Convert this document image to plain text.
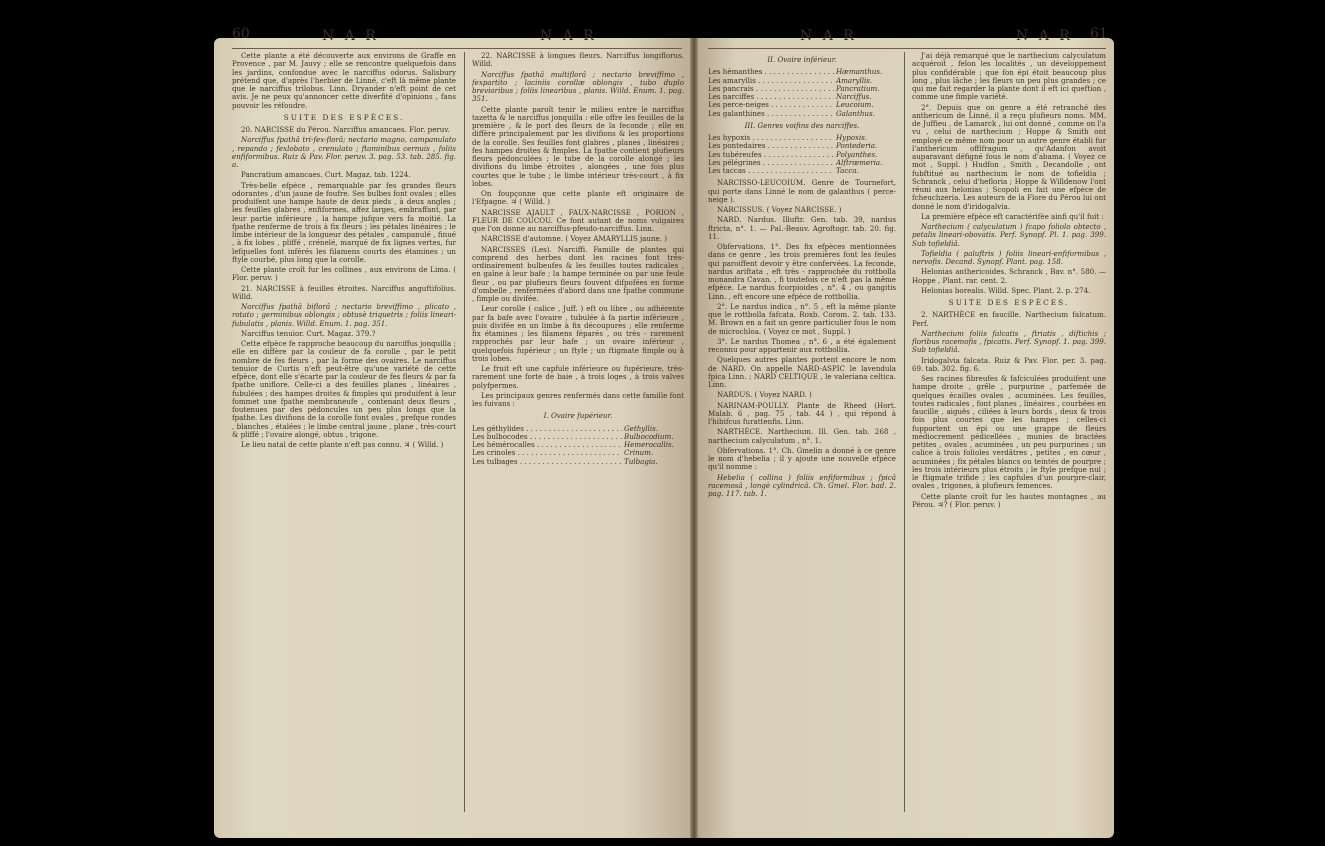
60	N A R	N A R	N A R	N A R 61

Cette plante a été découverte aux environs de Graffe en Provence , par M. Jauvy ; elle se rencontre quelquefois dans les jardins, confondue avec le narciffus odorus. Salisbury prétend que, d'après l'herbier de Linné, c'eft là même plante que le narciffus trilobus. Linn. Dryander n'eft point de cet avis. Je ne peux qu'annoncer cette diverfité d'opinions , fans pouvoir les réfoudre.

SUITE DES ESPÈCES.

20. NARCISSE du Pérou. Narciffus amancaes. Flor. peruv.

Narciffus fpathâ tri-fex-florâ; nectario magno, campanulato , repando ; fexlobato , crenulato ; ftaminibus cernuis , foliis enfiformibus. Ruiz & Pav. Flor. peruv. 3. pag. 53. tab. 285. fig. a.

Pancratium amancaes. Curt. Magaz. tab. 1224.

Très-belle efpèce , remarquable par fes grandes fleurs odorantes , d'un jaune de foufre. Ses bulbes font ovales ; elles produifent une hampe haute de deux pieds , à deux angles ; les feuilles glabres , enfiformes, affez larges, embraffant, par leur partie inférieure , la hampe jufque vers fa moitié. La fpathe renferme de trois à fix fleurs ; les pétales linéaires ; le limbe intérieur de la longueur des pétales , campanulé , finué , à fix lobes , pliffé , crénelé, marqué de fix lignes vertes, fur lefquelles font inférés les filamens courts des étamines ; un ftyle courbé, plus long que la corolle.

Cette plante croît fur les collines , aux environs de Lima. ( Flor. peruv. )

21. NARCISSE à feuilles étroites. Narciffus anguftifolius. Willd.

Narciffus fpathâ biflorâ ; nectario breviffimo , plicato , rotato ; germinibus oblongis ; obtusè triquetris ; foliis lineari-fubulatis , planis. Willd. Enum. 1. pag. 351.

Narciffus tenuior. Curt. Magaz. 379.?

Cette efpèce fe rapproche beaucoup du narciffus jonquilla ; elle en diffère par la couleur de fa corolle , par le petit nombre de fes fleurs , par la forme des ovaires. Le narciffus tenuior de Curtis n'eft peut-être qu'une variété de cette efpèce, dont elle s'écarte par la couleur de fes fleurs & par fa fpathe uniflore. Celle-ci a des feuilles planes , linéaires , fubulées ; des hampes droites & fimples qui produifent à leur fommet une fpathe membraneufe , contenant deux fleurs , foutenues par des pédoncules un peu plus longs que la fpathe. Les divifions de la corolle font ovales , prefque rondes , blanches , étalées ; le limbe central jaune , plane , très-court & pliffé ; l'ovaire alongé, obtus , trigone.

Le lieu natal de cette plante n'eft pas connu. ♃ ( Willd. )

22. NARCISSE à longues fleurs. Narciffus longiflorus. Willd.

Narciffus fpathâ multiflorâ ; nectario breviffimo , fexpartito ; laciniis corollæ oblongis , tubo duplo brevioribus ; foliis linearibus , planis. Willd. Enum. 1. pag. 351.

Cette plante paroît tenir le milieu entre le narciffus tazetta & le narciffus jonquilla : elle offre les feuilles de la première , & le port des fleurs de la feconde ; elle en diffère principalement par les divifions & les proportions de la corolle. Ses feuilles font glabres , planes , linéaires ; fes hampes droites & fimples. La fpathe contient plufieurs fleurs pédonculées ; le tube de la corolle alongé ; les divifions du limbe étroites , alongées , une fois plus courtes que le tube ; le limbe intérieur très-court , à fix lobes.

On foupçonne que cette plante eft originaire de l'Efpagne. ♃ ( Willd. )

NARCISSE AJAULT , FAUX-NARCISSE , PORION , FLEUR DE COUCOU. Ce font autant de noms vulgaires que l'on donne au narciffus-pfeudo-narciffus. Linn.

NARCISSE d'automne. ( Voyez AMARYLLIS jaune. )

NARCISSES (Les). Narciffi. Famille de plantes qui comprend des herbes dont les racines font très-ordinairement bulbeufes & les feuilles toutes radicales , en gaîne à leur bafe ; la hampe terminée ou par une feule fleur , ou par plufieurs fleurs fouvent difpofées en forme d'ombelle , renfermées d'abord dans une fpathe commune , fimple ou divifée.

Leur corolle ( calice , Juff. ) eft ou libre , ou adhérente par fa bafe avec l'ovaire , tubulée à fa partie inférieure , puis divifée en un limbe à fix découpures ; elle renferme fix étamines ; les filamens féparés , ou très - rarement rapprochés par leur bafe ; un ovaire inférieur , quelquefois fupérieur ; un ftyle ; un ftigmate fimple ou à trois lobes.

Le fruit eft une capfule inférieure ou fupérieure, très-rarement une forte de baie , à trois loges , à trois valves polyfpermes.

Les principaux genres renfermés dans cette famille font les fuivans :

I. Ovaire fupérieur.

Les géthylides . . .	Gethyllis.
Les bulbocodes . . .	Bulbocodium.
Les hémérocalles . . .	Hemerocallis.
Les crinoles . . .	Crinum.
Les tulbages . . .	Tulbagia.

II. Ovaire inférieur.

Les hémanthes . . .	Hæmanthus.
Les amaryllis . . .	Amaryllis.
Les pancrais . . .	Pancratium.
Les narciffes . . .	Narciffus.
Les perce-neiges . . .	Leucoium.
Les galanthines . . .	Galanthus.

III. Genres voifins des narciffes.

Les hypoxis . . .	Hypoxis.
Les pontedaires . . .	Pontederia.
Les tubéreufes . . .	Polyanthes.
Les pélégrines . . .	Alftrœmeria.
Les taccas . . .	Tacca.

NARCISSO-LEUCOIUM. Genre de Tournefort, qui porte dans Linné le nom de galanthus ( perce-neige ).

NARCISSUS. ( Voyez NARCISSE. )

NARD. Nardus. Illuftr. Gen. tab. 39, nardus ftricta, n°. 1. — Pal.-Beauv. Agroftogr. tab. 20. fig. 11.

Obfervations. 1°. Des fix efpèces mentionnées dans ce genre , les trois premières font les feules qui paroiffent devoir y être confervées. La feconde, nardus ariftata , eft très - rapprochée du rottbolla monandra Cavan. , fi toutefois ce n'eft pas la même efpèce. Le nardus fcorpioides , n°. 4 , ou gangitis Linn. , eft encore une efpèce de rottbollia.

2°. Le nardus indica , n°. 5 , eft la même plante que le rottbolla fafcata. Roxb. Corom. 2. tab. 133. M. Brown en a fait un genre particulier fous le nom de microchloa. ( Voyez ce mot , Suppl. )

3°. Le nardus Thomea , n°. 6 , a été également reconnu pour appartenir aux rottbollia.

Quelques autres plantes portent encore le nom de NARD. On appelle NARD-ASPIC le lavendula fpica Linn. ; NARD CELTIQUE , le valeriana celtica. Linn.

NARDUS. ( Voyez NARD. )

NARINAM-POULLY. Plante de Rheed (Hort. Malab. 6 , pag. 75 , tab. 44 ) , qui répond à l'hibifcus furattenfis. Linn.

NARTHÈCE. Narthecium. Ill. Gen. tab. 268 , narthecium calyculatum , n°. 1.

Obfervations. 1°. Ch. Gmelin a donné à ce genre le nom d'hebelia ; il y ajoute une nouvelle efpèce qu'il nomme :

Hebelia ( collina ) foliis enfiformibus ; fpicâ racemosâ , longè cylindricâ. Ch. Gmel. Flor. bad. 2. pag. 117. tab. 1.

J'ai déjà remarqué que le narthecium calyculatum acquéroit , felon les localités , un développement plus confidérable ; que fon épi étoit beaucoup plus long , plus lâche ; les fleurs un peu plus grandes ; ce qui me fait regarder la plante dont il eft ici queftion , comme une fimple variété.

2°. Depuis que on genre a été retranché des anthericum de Linné, il a reçu plufieurs noms. MM. de Juffieu , de Lamarck , lui ont donné , comme on l'a vu , celui de narthecium ; Hoppe & Smith ont employé ce même nom pour un autre genre établi fur l'anthericum offifragum , qu'Adanfon avoit auparavant défigné fous le nom d'abama. ( Voyez ce mot , Suppl. ) Hudfon , Smith , Decandolle , ont fubftitué au narthecium le nom de tofieldia ; Schranck , celui d'hefloria ; Hoppe & Willdenow l'ont réuni aux helonias ; Scopoli en fait une efpèce de fcheuchzeria. Les auteurs de la Flore du Pérou lui ont donné le nom d'iridogalvia.

La première efpèce eft caractérifée ainfi qu'il fuit :

Narthecium ( calyculatum ) fcapo foliolo obtecto , petalis lineari-obovatis. Perf. Synopf. Pl. 1. pag. 399. Sub tofieldiâ.

Tofieldia ( paluftris ) foliis lineari-enfiformibus , nervofis. Decand. Synopf. Plant. pag. 158.

Helonias anthericoides. Schranck , Bav. n°. 580. — Hoppe , Plant. rar. cent. 2.

Helonias borealis. Willd. Spec. Plant. 2. p. 274.

SUITE DES ESPÈCES.

2. NARTHÈCE en faucille. Narthecium falcatum. Perf.

Narthecium foliis falcatis , ftriatis , diftichis ; floribus racemofis , fpicatis. Perf. Synopf. 1. pag. 399. Sub tofieldiâ.

Iridogalvia falcata. Ruiz & Pav. Flor. per. 3. pag. 69. tab. 302. fig. 6.

Ses racines fibreufes & fafciculées produifent une hampe droite , grêle , purpurine , parfemée de quelques écailles ovales , acuminées. Les feuilles, toutes radicales , font planes , linéaires , courbées en faucille , aiguës , ciliées à leurs bords , deux & trois fois plus courtes que les hampes ; celles-ci fupportent un épi ou une grappe de fleurs médiocrement pédicellées , munies de bractées petites , ovales , acuminées , un peu purpurines ; un calice à trois folioles verdâtres , petites , en cœur , acuminées ; fix pétales blancs ou teintés de pourpre ; les trois intérieurs plus étroits ; le ftyle prefque nul ; le ftigmate trifide ; les capfules d'un pourpre-clair, ovales , trigones, à plufieurs femences.

Cette plante croît fur les hautes montagnes , au Pérou. ♃? ( Flor. peruv. )
